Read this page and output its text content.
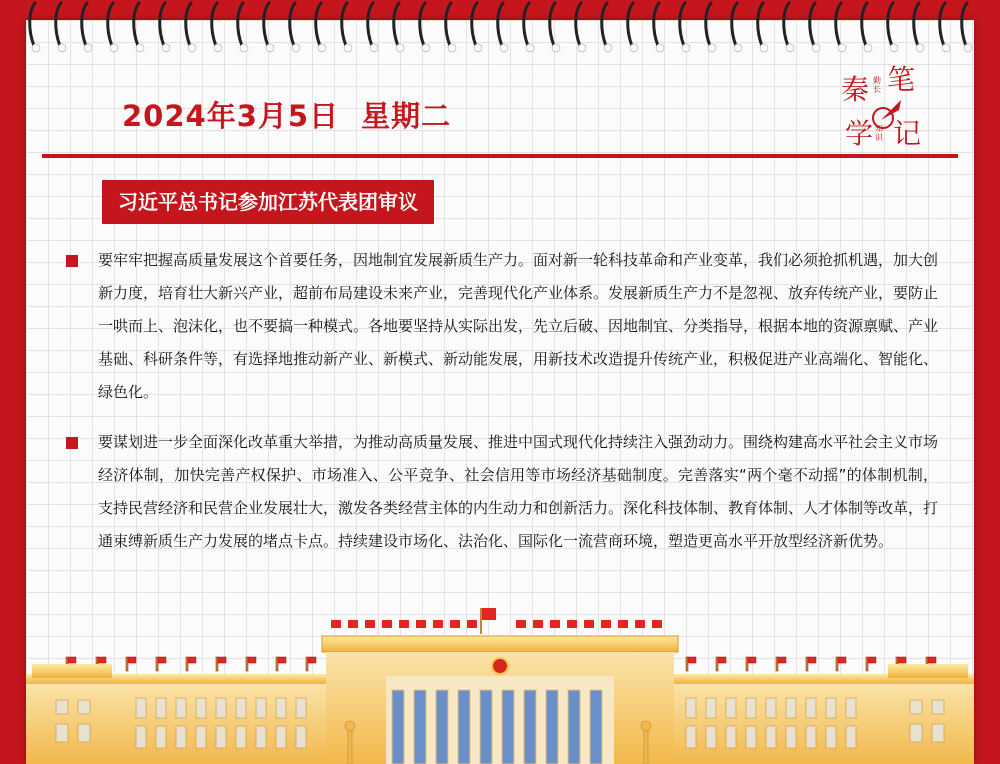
2024年3月5日 星期二
秦 勤长 笔
学 知识 记
习近平总书记参加江苏代表团审议
要牢牢把握高质量发展这个首要任务，因地制宜发展新质生产力。面对新一轮科技革命和产业变革，我们必须抢抓机遇，加大创新力度，培育壮大新兴产业，超前布局建设未来产业，完善现代化产业体系。发展新质生产力不是忽视、放弃传统产业，要防止一哄而上、泡沫化，也不要搞一种模式。各地要坚持从实际出发，先立后破、因地制宜、分类指导，根据本地的资源禀赋、产业基础、科研条件等，有选择地推动新产业、新模式、新动能发展，用新技术改造提升传统产业，积极促进产业高端化、智能化、绿色化。
要谋划进一步全面深化改革重大举措，为推动高质量发展、推进中国式现代化持续注入强劲动力。围绕构建高水平社会主义市场经济体制，加快完善产权保护、市场准入、公平竞争、社会信用等市场经济基础制度。完善落实“两个毫不动摇”的体制机制，支持民营经济和民营企业发展壮大，激发各类经营主体的内生动力和创新活力。深化科技体制、教育体制、人才体制等改革，打通束缚新质生产力发展的堵点卡点。持续建设市场化、法治化、国际化一流营商环境，塑造更高水平开放型经济新优势。
